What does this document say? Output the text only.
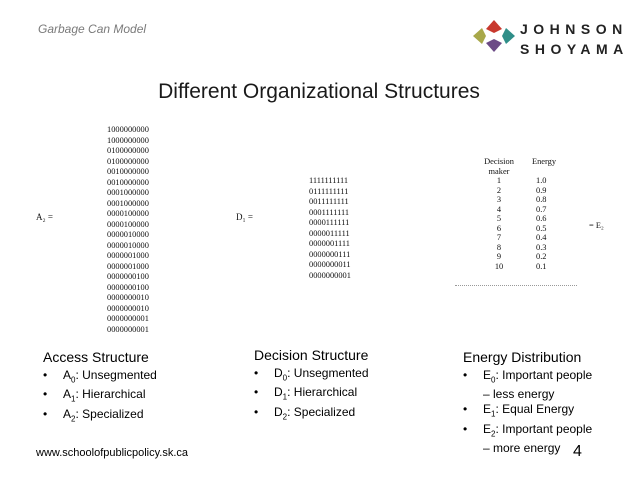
Garbage Can Model	JOHNSON
SHOYAMA
Different Organizational Structures
A₂ =
1000000000
1000000000
0100000000
0100000000
0010000000
0010000000
0001000000
0001000000
0000100000
0000100000
0000010000
0000010000
0000001000
0000001000
0000000100
0000000100
0000000010
0000000010
0000000001
0000000001
D₁ =
1111111111
0111111111
0011111111
0001111111
0000111111
0000011111
0000001111
0000000111
0000000011
0000000001
Decision
maker	Energy	
1	1.0	
2	0.9	
3	0.8	
4	0.7	
5	0.6	
6	0.5	
7	0.4	
8	0.3	
9	0.2	
10	0.1	
= E₂
Access Structure
• $A_0$: Unsegmented
• $A_1$: Hierarchical
• $A_2$: Specialized
Decision Structure
• $D_0$: Unsegmented
• $D_1$: Hierarchical
• $D_2$: Specialized
Energy Distribution
• $E_0$: Important people
– less energy
• $E_1$: Equal Energy
• $E_2$: Important people
– more energy
www.schoolofpublicpolicy.sk.ca	4
